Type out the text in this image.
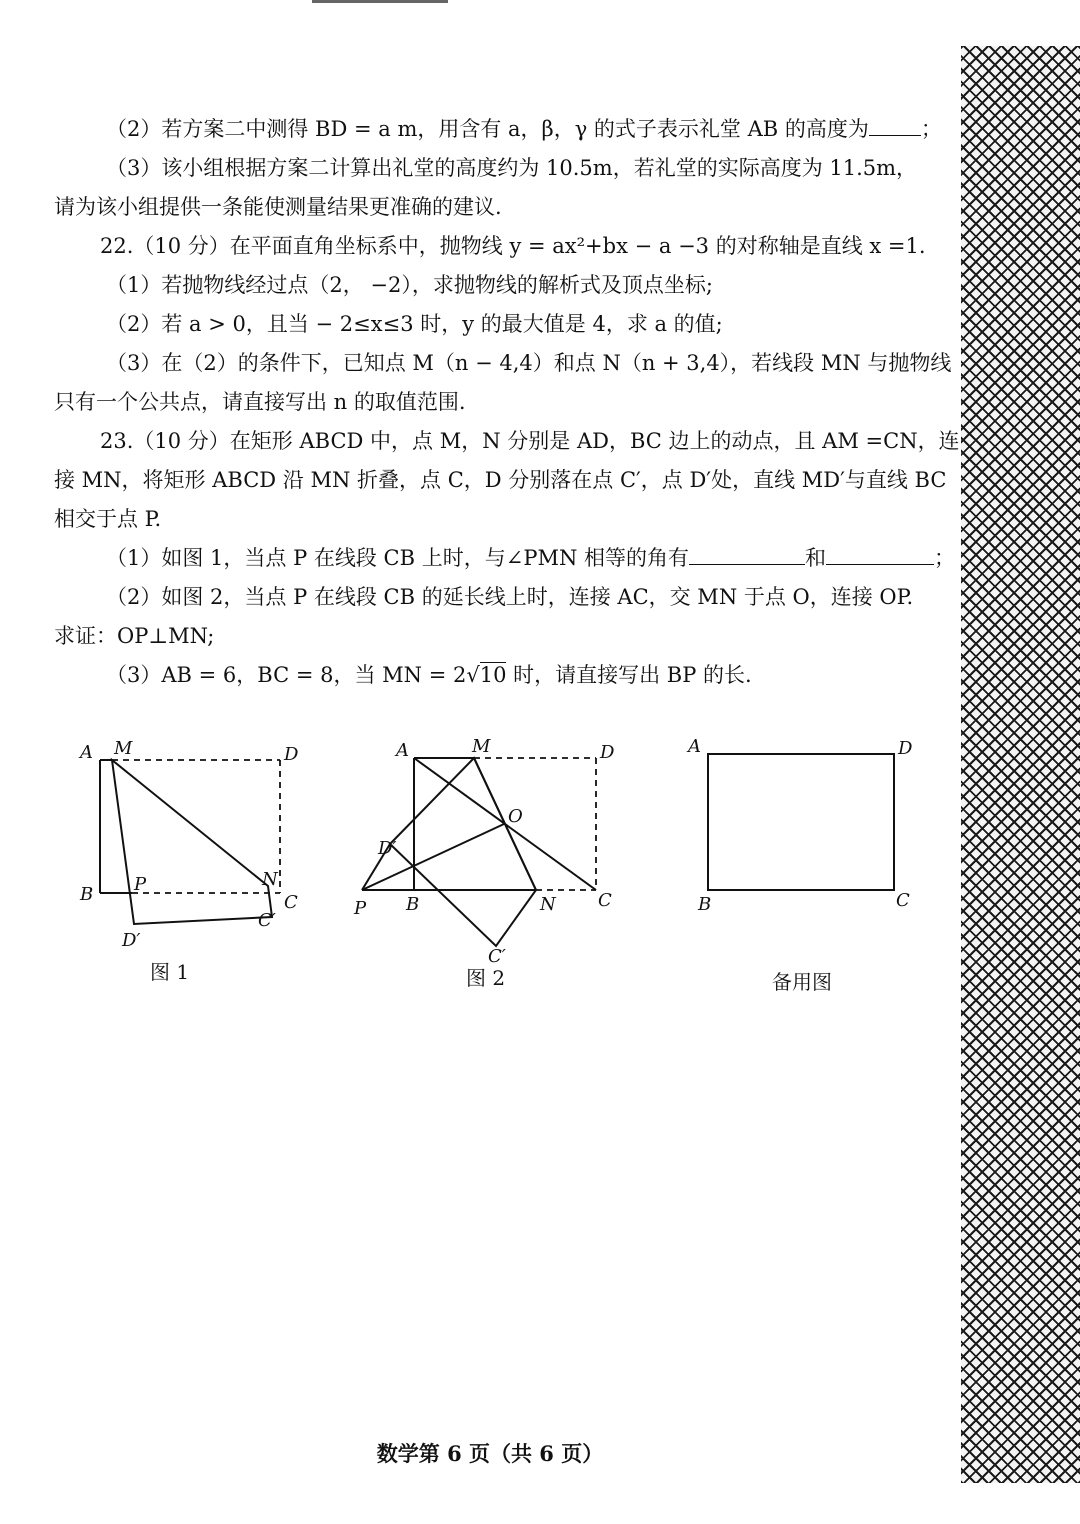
（2）若方案二中测得 BD = a m，用含有 a，β，γ 的式子表示礼堂 AB 的高度为 ；
（3）该小组根据方案二计算出礼堂的高度约为 10.5m，若礼堂的实际高度为 11.5m，
请为该小组提供一条能使测量结果更准确的建议.
22.（10 分）在平面直角坐标系中，抛物线 y = ax²+bx − a −3 的对称轴是直线 x =1.
（1）若抛物线经过点（2， −2），求抛物线的解析式及顶点坐标;
（2）若 a > 0，且当 − 2≤x≤3 时，y 的最大值是 4，求 a 的值;
（3）在（2）的条件下，已知点 M（n − 4,4）和点 N（n + 3,4），若线段 MN 与抛物线
只有一个公共点，请直接写出 n 的取值范围.
23.（10 分）在矩形 ABCD 中，点 M，N 分别是 AD，BC 边上的动点，且 AM =CN，连
接 MN，将矩形 ABCD 沿 MN 折叠，点 C，D 分别落在点 C′，点 D′处，直线 MD′与直线 BC
相交于点 P.
（1）如图 1，当点 P 在线段 CB 上时，与∠PMN 相等的角有	和	；
（2）如图 2，当点 P 在线段 CB 的延长线上时，连接 AC，交 MN 于点 O，连接 OP.
求证：OP⊥MN;
（3）AB = 6，BC = 8，当 MN = 2√10 时，请直接写出 BP 的长.
A M	D
B P	N
C
C′
D′
图 1
A	M	D
O
D′
P B	N C
C′
图 2
A	D
B	C
备用图
数学第 6 页（共 6 页）
